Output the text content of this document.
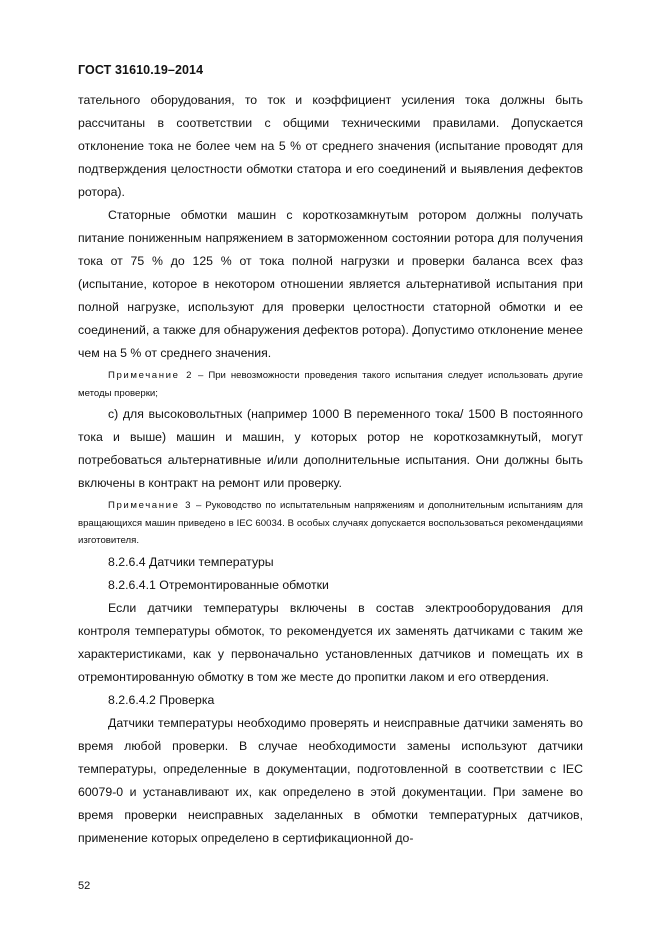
ГОСТ 31610.19–2014

тательного оборудования, то ток и коэффициент усиления тока должны быть рассчитаны в соответствии с общими техническими правилами. Допускается отклонение тока не более чем на 5 % от среднего значения (испытание проводят для подтверждения целостности обмотки статора и его соединений и выявления дефектов ротора).

Статорные обмотки машин с короткозамкнутым ротором должны получать питание пониженным напряжением в заторможенном состоянии ротора для получения тока от 75 % до 125 % от тока полной нагрузки и проверки баланса всех фаз (испытание, которое в некотором отношении является альтернативой испытания при полной нагрузке, используют для проверки целостности статорной обмотки и ее соединений, а также для обнаружения дефектов ротора). Допустимо отклонение менее чем на 5 % от среднего значения.

Примечание 2 – При невозможности проведения такого испытания следует использовать другие методы проверки;

с) для высоковольтных (например 1000 В переменного тока/ 1500 В постоянного тока и выше) машин и машин, у которых ротор не короткозамкнутый, могут потребоваться альтернативные и/или дополнительные испытания. Они должны быть включены в контракт на ремонт или проверку.

Примечание 3 – Руководство по испытательным напряжениям и дополнительным испытаниям для вращающихся машин приведено в IEC 60034. В особых случаях допускается воспользоваться рекомендациями изготовителя.

8.2.6.4 Датчики температуры

8.2.6.4.1 Отремонтированные обмотки

Если датчики температуры включены в состав электрооборудования для контроля температуры обмоток, то рекомендуется их заменять датчиками с таким же характеристиками, как у первоначально установленных датчиков и помещать их в отремонтированную обмотку в том же месте до пропитки лаком и его отвердения.

8.2.6.4.2 Проверка

Датчики температуры необходимо проверять и неисправные датчики заменять во время любой проверки. В случае необходимости замены используют датчики температуры, определенные в документации, подготовленной в соответствии с IEC 60079-0 и устанавливают их, как определено в этой документации. При замене во время проверки неисправных заделанных в обмотки температурных датчиков, применение которых определено в сертификационной до-

52
